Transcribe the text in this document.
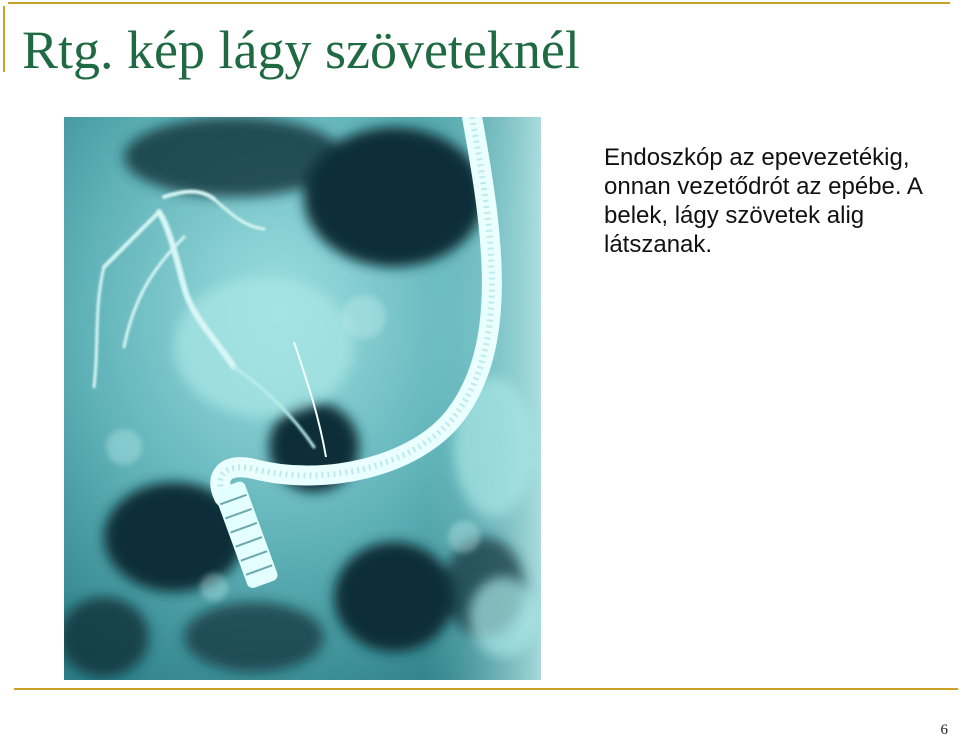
Rtg. kép lágy szöveteknél

Endoszkóp az epevezetékig, onnan vezetődrót az epébe. A belek, lágy szövetek alig látszanak.

6
